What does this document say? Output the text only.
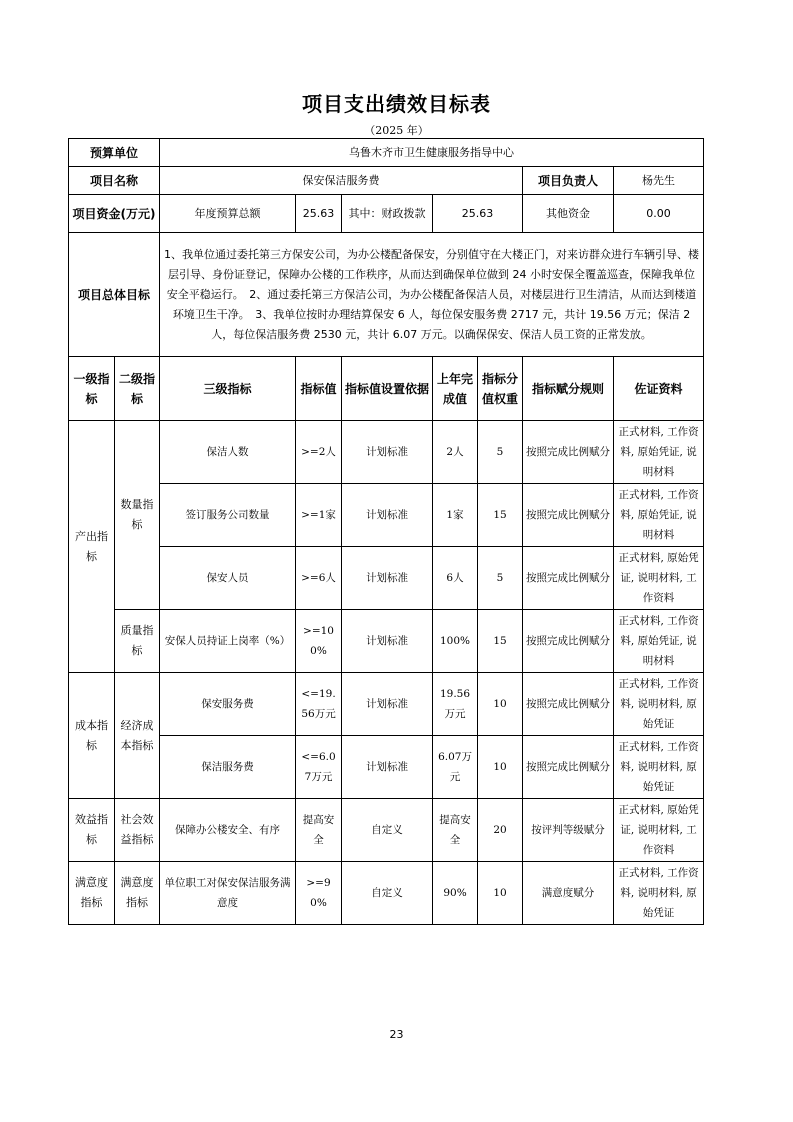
项目支出绩效目标表
（2025 年）
预算单位		乌鲁木齐市卫生健康服务指导中心						
项目名称		保安保洁服务费					项目负责人	杨先生
项目资金(万元)		年度预算总额	25.63	其中：财政拨款	25.63		其他资金	0.00
项目总体目标		1、我单位通过委托第三方保安公司，为办公楼配备保安，分别值守在大楼正门，对来访群众进行车辆引导、楼层引导、身份证登记，保障办公楼的工作秩序，从而达到确保单位做到 24 小时安保全覆盖巡查，保障我单位安全平稳运行。　2、通过委托第三方保洁公司，为办公楼配备保洁人员，对楼层进行卫生清洁，从而达到楼道环境卫生干净。　3、我单位按时办理结算保安 6 人，每位保安服务费 2717 元，共计 19.56 万元；保洁 2 人，每位保洁服务费 2530 元，共计 6.07 万元。以确保保安、保洁人员工资的正常发放。						
一级指标	二级指标	三级指标	指标值	指标值设置依据	上年完成值	指标分值权重	指标赋分规则	佐证资料
产出指标	数量指标	保洁人数	>=2人	计划标准	2人	5	按照完成比例赋分	正式材料, 工作资料, 原始凭证, 说明材料
		签订服务公司数量	>=1家	计划标准	1家	15	按照完成比例赋分	正式材料, 工作资料, 原始凭证, 说明材料
		保安人员	>=6人	计划标准	6人	5	按照完成比例赋分	正式材料, 原始凭证, 说明材料, 工作资料
	质量指标	安保人员持证上岗率（%）	>=100%	计划标准	100%	15	按照完成比例赋分	正式材料, 工作资料, 原始凭证, 说明材料
成本指标	经济成本指标	保安服务费	<=19.56万元	计划标准	19.56万元	10	按照完成比例赋分	正式材料, 工作资料, 说明材料, 原始凭证
		保洁服务费	<=6.07万元	计划标准	6.07万元	10	按照完成比例赋分	正式材料, 工作资料, 说明材料, 原始凭证
效益指标	社会效益指标	保障办公楼安全、有序	提高安全	自定义	提高安全	20	按评判等级赋分	正式材料, 原始凭证, 说明材料, 工作资料
满意度指标	满意度指标	单位职工对保安保洁服务满意度	>=90%	自定义	90%	10	满意度赋分	正式材料, 工作资料, 说明材料, 原始凭证
23
